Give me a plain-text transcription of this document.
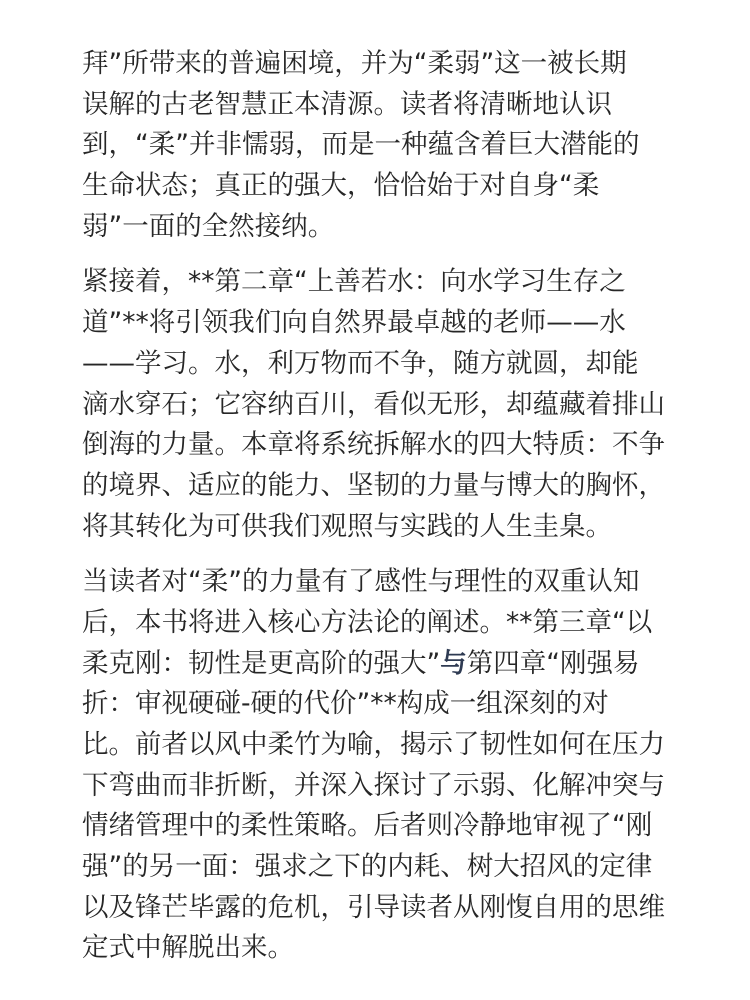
拜”所带来的普遍困境，并为“柔弱”这一被长期
误解的古老智慧正本清源。读者将清晰地认识
到，“柔”并非懦弱，而是一种蕴含着巨大潜能的
生命状态；真正的强大，恰恰始于对自身“柔
弱”一面的全然接纳。

紧接着，**第二章“上善若水：向水学习生存之
道”**将引领我们向自然界最卓越的老师——水
——学习。水，利万物而不争，随方就圆，却能
滴水穿石；它容纳百川，看似无形，却蕴藏着排山
倒海的力量。本章将系统拆解水的四大特质：不争
的境界、适应的能力、坚韧的力量与博大的胸怀，
将其转化为可供我们观照与实践的人生圭臬。

当读者对“柔”的力量有了感性与理性的双重认知
后，本书将进入核心方法论的阐述。**第三章“以
柔克刚：韧性是更高阶的强大”与第四章“刚强易
折：审视硬碰-硬的代价”**构成一组深刻的对
比。前者以风中柔竹为喻，揭示了韧性如何在压力
下弯曲而非折断，并深入探讨了示弱、化解冲突与
情绪管理中的柔性策略。后者则冷静地审视了“刚
强”的另一面：强求之下的内耗、树大招风的定律
以及锋芒毕露的危机，引导读者从刚愎自用的思维
定式中解脱出来。
